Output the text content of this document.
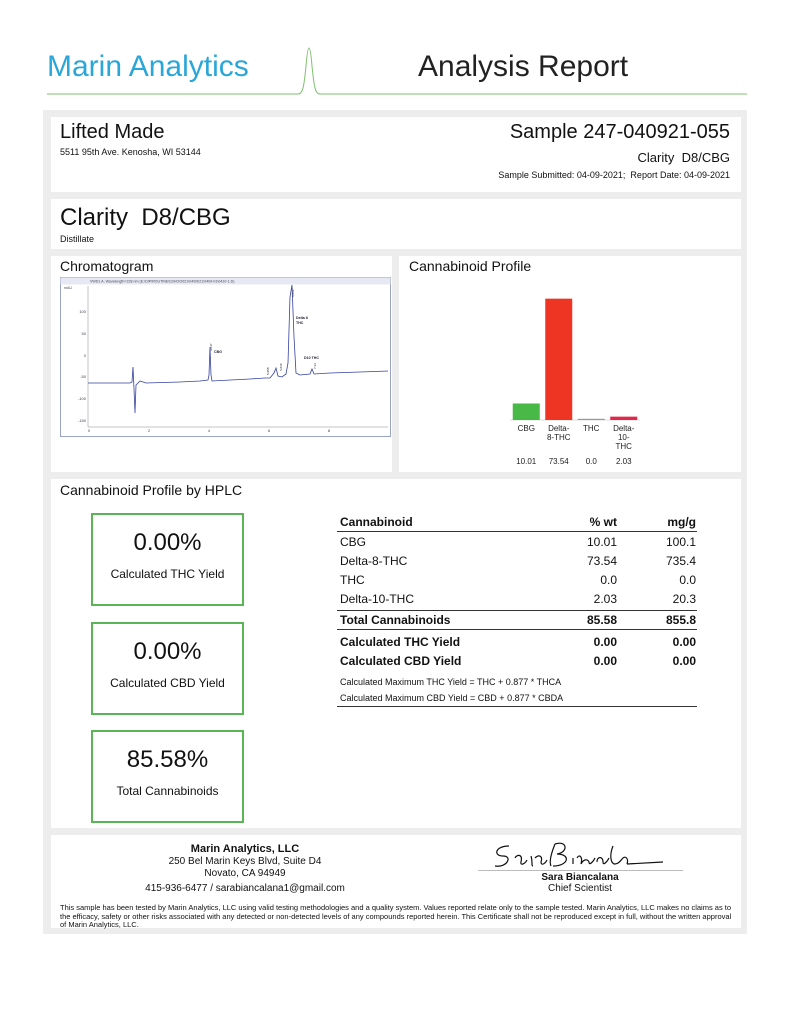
Marin Analytics	Analysis Report
Lifted Made
5511 95th Ave. Kenosha, WI 53144
Sample 247-040921-055
Clarity  D8/CBG
Sample Submitted: 04-09-2021;  Report Date: 04-09-2021
Clarity  D8/CBG
Distillate
Chromatogram	Cannabinoid Profile
Cannabinoid Profile by HPLC
VWD1 A, Wavelength=228 nm (E:\DIP\ROUTINE\D2HO\2021\04\09\21\0409-01\0410-1.D)
mAU
100
50
0
-50
-100
-150
0	2	4	6	8
CBG
Delta 8
THC
D10 THC
4.047
5.958
6.840
6.862
7.34
CBG
10.01
Delta-
8-THC
73.54
THC
0.0
Delta-
10-
THC
2.03
0.00%
Calculated THC Yield
0.00%
Calculated CBD Yield
85.58%
Total Cannabinoids
Cannabinoid	% wt	mg/g
CBG	10.01	100.1
Delta-8-THC	73.54	735.4
THC	0.0	0.0
Delta-10-THC	2.03	20.3
Total Cannabinoids	85.58	855.8
Calculated THC Yield	0.00	0.00
Calculated CBD Yield	0.00	0.00
Calculated Maximum THC Yield = THC + 0.877 * THCA
Calculated Maximum CBD Yield = CBD + 0.877 * CBDA
Marin Analytics, LLC
250 Bel Marin Keys Blvd, Suite D4
Novato, CA 94949
415-936-6477 / sarabiancalana1@gmail.com
Sara Biancalana
Chief Scientist
This sample has been tested by Marin Analytics, LLC using valid testing methodologies and a quality system. Values reported relate only to the sample tested. Marin Analytics, LLC makes no claims as to the efficacy, safety or other risks associated with any detected or non-detected levels of any compounds reported herein. This Certificate shall not be reproduced except in full, without the written approval of Marin Analytics, LLC.
